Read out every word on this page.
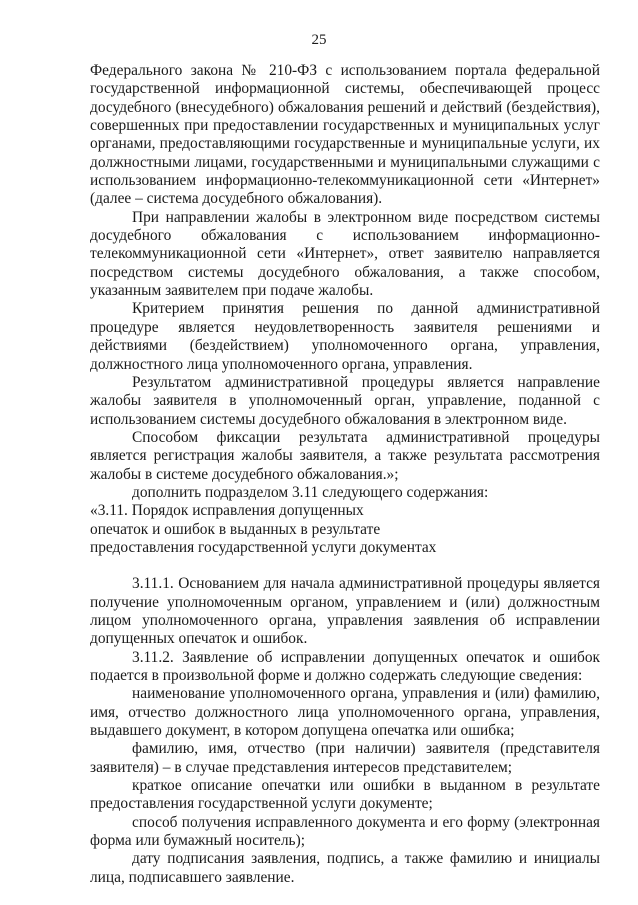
25

Федерального закона № 210-ФЗ с использованием портала федеральной государственной информационной системы, обеспечивающей процесс досудебного (внесудебного) обжалования решений и действий (бездействия), совершенных при предоставлении государственных и муниципальных услуг органами, предоставляющими государственные и муниципальные услуги, их должностными лицами, государственными и муниципальными служащими с использованием информационно-телекоммуникационной сети «Интернет» (далее – система досудебного обжалования).

При направлении жалобы в электронном виде посредством системы досудебного обжалования с использованием информационно-телекоммуникационной сети «Интернет», ответ заявителю направляется посредством системы досудебного обжалования, а также способом, указанным заявителем при подаче жалобы.

Критерием принятия решения по данной административной процедуре является неудовлетворенность заявителя решениями и действиями (бездействием) уполномоченного органа, управления, должностного лица уполномоченного органа, управления.

Результатом административной процедуры является направление жалобы заявителя в уполномоченный орган, управление, поданной с использованием системы досудебного обжалования в электронном виде.

Способом фиксации результата административной процедуры является регистрация жалобы заявителя, а также результата рассмотрения жалобы в системе досудебного обжалования.»;

дополнить подразделом 3.11 следующего содержания:

«3.11. Порядок исправления допущенных

опечаток и ошибок в выданных в результате

предоставления государственной услуги документах

3.11.1. Основанием для начала административной процедуры является получение уполномоченным органом, управлением и (или) должностным лицом уполномоченного органа, управления заявления об исправлении допущенных опечаток и ошибок.

3.11.2. Заявление об исправлении допущенных опечаток и ошибок подается в произвольной форме и должно содержать следующие сведения:

наименование уполномоченного органа, управления и (или) фамилию, имя, отчество должностного лица уполномоченного органа, управления, выдавшего документ, в котором допущена опечатка или ошибка;

фамилию, имя, отчество (при наличии) заявителя (представителя заявителя) – в случае представления интересов представителем;

краткое описание опечатки или ошибки в выданном в результате предоставления государственной услуги документе;

способ получения исправленного документа и его форму (электронная форма или бумажный носитель);

дату подписания заявления, подпись, а также фамилию и инициалы лица, подписавшего заявление.
